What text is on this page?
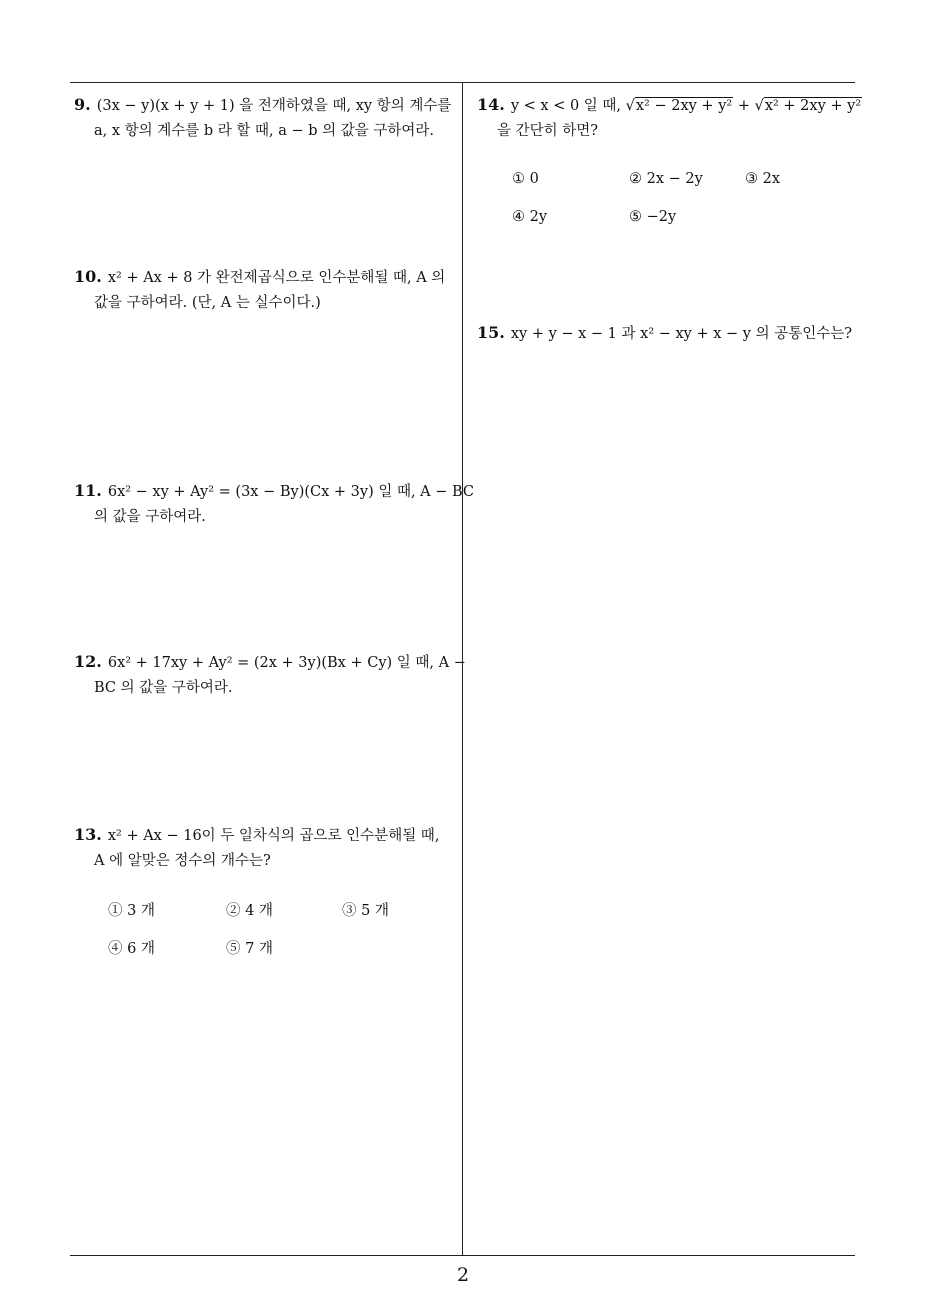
9. (3x − y)(x + y + 1) 을 전개하였을 때, xy 항의 계수를
a, x 항의 계수를 b 라 할 때, a − b 의 값을 구하여라.
10. x² + Ax + 8 가 완전제곱식으로 인수분해될 때, A 의
값을 구하여라. (단, A 는 실수이다.)
11. 6x² − xy + Ay² = (3x − By)(Cx + 3y) 일 때, A − BC
의 값을 구하여라.
12. 6x² + 17xy + Ay² = (2x + 3y)(Bx + Cy) 일 때, A −
BC 의 값을 구하여라.
13. x² + Ax − 16이 두 일차식의 곱으로 인수분해될 때,
A 에 알맞은 정수의 개수는?
① 3 개	② 4 개	③ 5 개
④ 6 개	⑤ 7 개
14. y < x < 0 일 때, √x² − 2xy + y² + √x² + 2xy + y²
을 간단히 하면?
① 0	② 2x − 2y	③ 2x
④ 2y	⑤ −2y
15. xy + y − x − 1 과 x² − xy + x − y 의 공통인수는?
2
